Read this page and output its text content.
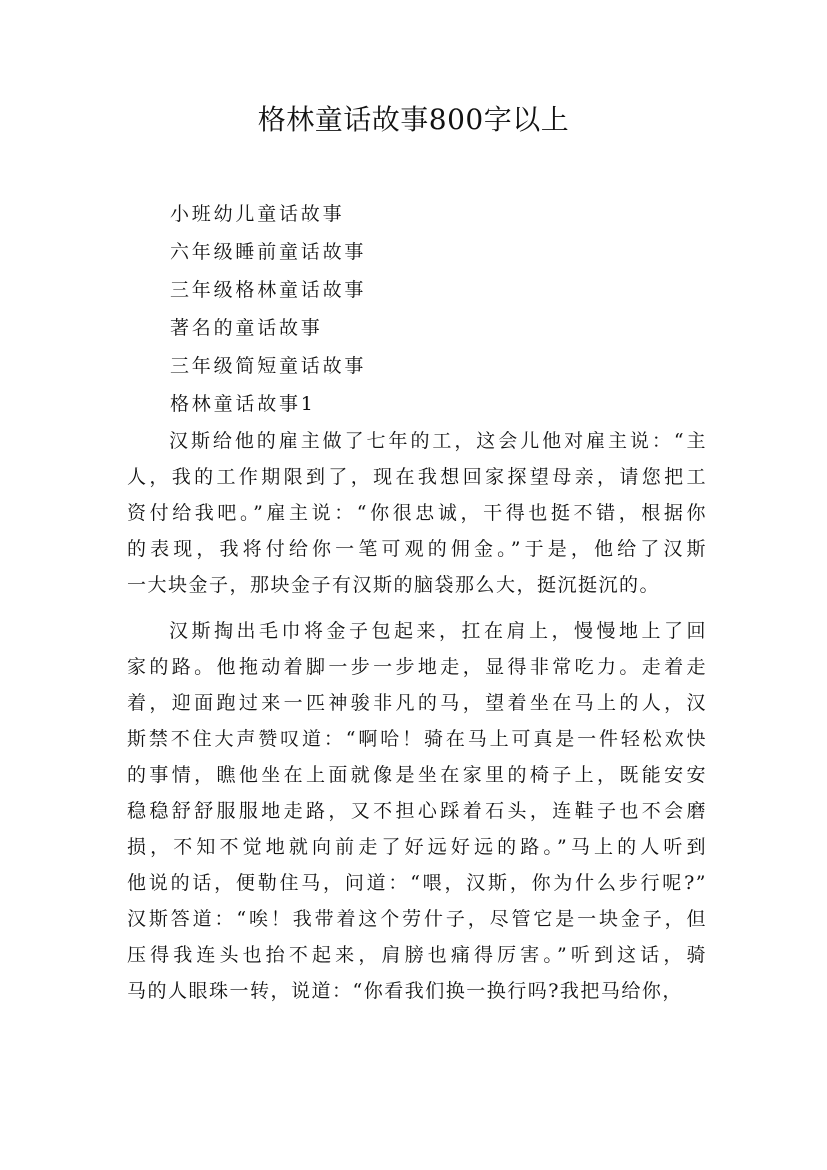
格林童话故事800字以上
小班幼儿童话故事
六年级睡前童话故事
三年级格林童话故事
著名的童话故事
三年级简短童话故事
格林童话故事1
汉斯给他的雇主做了七年的工，这会儿他对雇主说：“主
人，我的工作期限到了，现在我想回家探望母亲，请您把工
资付给我吧。”雇主说：“你很忠诚，干得也挺不错，根据你
的表现，我将付给你一笔可观的佣金。”于是，他给了汉斯
一大块金子，那块金子有汉斯的脑袋那么大，挺沉挺沉的。
汉斯掏出毛巾将金子包起来，扛在肩上，慢慢地上了回
家的路。他拖动着脚一步一步地走，显得非常吃力。走着走
着，迎面跑过来一匹神骏非凡的马，望着坐在马上的人，汉
斯禁不住大声赞叹道：“啊哈！骑在马上可真是一件轻松欢快
的事情，瞧他坐在上面就像是坐在家里的椅子上，既能安安
稳稳舒舒服服地走路，又不担心踩着石头，连鞋子也不会磨
损，不知不觉地就向前走了好远好远的路。”马上的人听到
他说的话，便勒住马，问道：“喂，汉斯，你为什么步行呢?”
汉斯答道：“唉！我带着这个劳什子，尽管它是一块金子，但
压得我连头也抬不起来，肩膀也痛得厉害。”听到这话，骑
马的人眼珠一转，说道：“你看我们换一换行吗?我把马给你，
